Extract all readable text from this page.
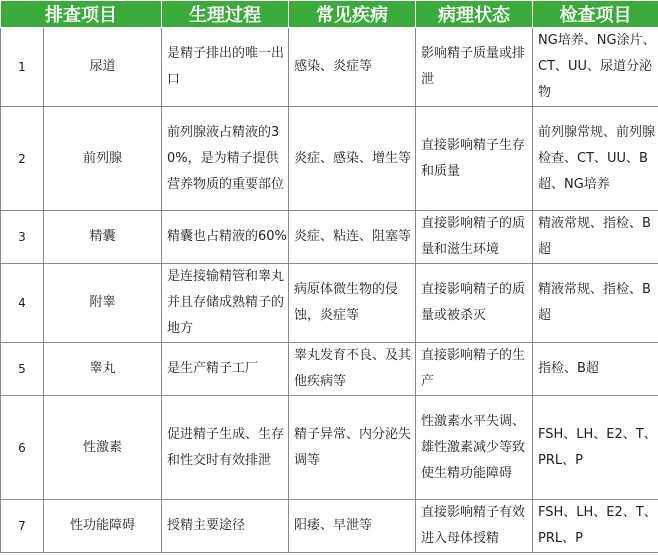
排查项目		生理过程	常见疾病	病理状态	检查项目
1	尿道	是精子排出的唯一出口	感染、炎症等	影响精子质量或排泄	NG培养、NG涂片、CT、UU、尿道分泌物
2	前列腺	前列腺液占精液的30%，是为精子提供营养物质的重要部位	炎症、感染、增生等	直接影响精子生存和质量	前列腺常规、前列腺检查、CT、UU、B超、NG培养
3	精囊	精囊也占精液的60%	炎症、粘连、阻塞等	直接影响精子的质量和滋生环境	精液常规、指检、B超
4	附睾	是连接输精管和睾丸并且存储成熟精子的地方	病原体微生物的侵蚀，炎症等	直接影响精子的质量或被杀灭	精液常规、指检、B超
5	睾丸	是生产精子工厂	睾丸发育不良、及其他疾病等	直接影响精子的生产	指检、B超
6	性激素	促进精子生成、生存和性交时有效排泄	精子异常、内分泌失调等	性激素水平失调、雄性激素减少等致使生精功能障碍	FSH、LH、E2、T、PRL、P
7	性功能障碍	授精主要途径	阳痿、早泄等	直接影响精子有效进入母体授精	FSH、LH、E2、T、PRL、P
